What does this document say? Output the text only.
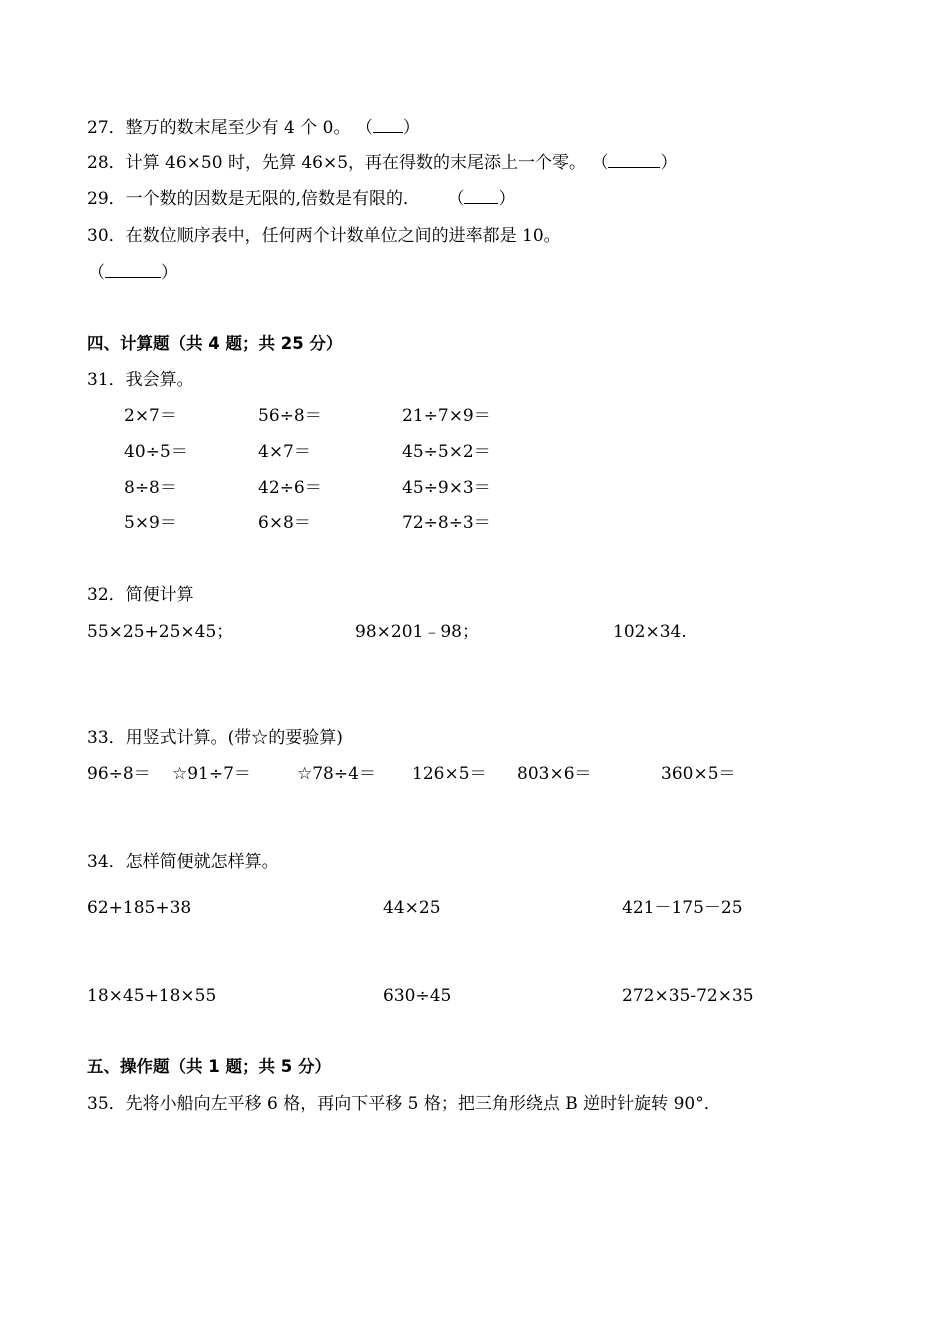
27．整万的数末尾至少有 4 个 0。 （ ）
28．计算 46×50 时，先算 46×5，再在得数的末尾添上一个零。 （	）
29．一个数的因数是无限的,倍数是有限的． （ ）
30．在数位顺序表中，任何两个计数单位之间的进率都是 10。
（	）
四、计算题（共 4 题；共 25 分）
31．我会算。
2×7＝	56÷8＝	21÷7×9＝
40÷5＝	4×7＝	45÷5×2＝
8÷8＝	42÷6＝	45÷9×3＝
5×9＝	6×8＝	72÷8÷3＝
32．简便计算
55×25+25×45；	98×201﹣98；	102×34.
33．用竖式计算。(带☆的要验算)
96÷8＝ ☆91÷7＝	☆78÷4＝ 126×5＝ 803×6＝	360×5＝
34．怎样简便就怎样算。
62+185+38	44×25	421－175－25
18×45+18×55	630÷45	272×35-72×35
五、操作题（共 1 题；共 5 分）
35．先将小船向左平移 6 格，再向下平移 5 格；把三角形绕点 B 逆时针旋转 90°．
